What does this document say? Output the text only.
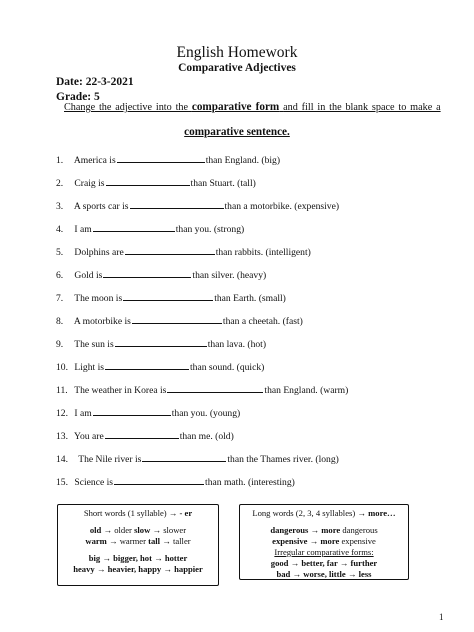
English Homework
Comparative Adjectives
Date: 22-3-2021
Grade: 5
Change the adjective into the comparative form and fill in the blank space to make a
comparative sentence.
1. America is	than England. (big)
2. Craig is	than Stuart. (tall)
3. A sports car is	than a motorbike. (expensive)
4. I am	than you. (strong)
5. Dolphins are	than rabbits. (intelligent)
6. Gold is	than silver. (heavy)
7. The moon is	than Earth. (small)
8. A motorbike is	than a cheetah. (fast)
9. The sun is	than lava. (hot)
10. Light is	than sound. (quick)
11. The weather in Korea is	than England. (warm)
12. I am	than you. (young)
13. You are	than me. (old)
14. The Nile river is	than the Thames river. (long)
15. Science is	than math. (interesting)
Short words (1 syllable) → - er
old → older slow → slower
warm → warmer tall → taller
big → bigger, hot → hotter
heavy → heavier, happy → happier
Long words (2, 3, 4 syllables) → more…
dangerous → more dangerous
expensive → more expensive
Irregular comparative forms:
good → better, far → further
bad → worse, little → less
1
